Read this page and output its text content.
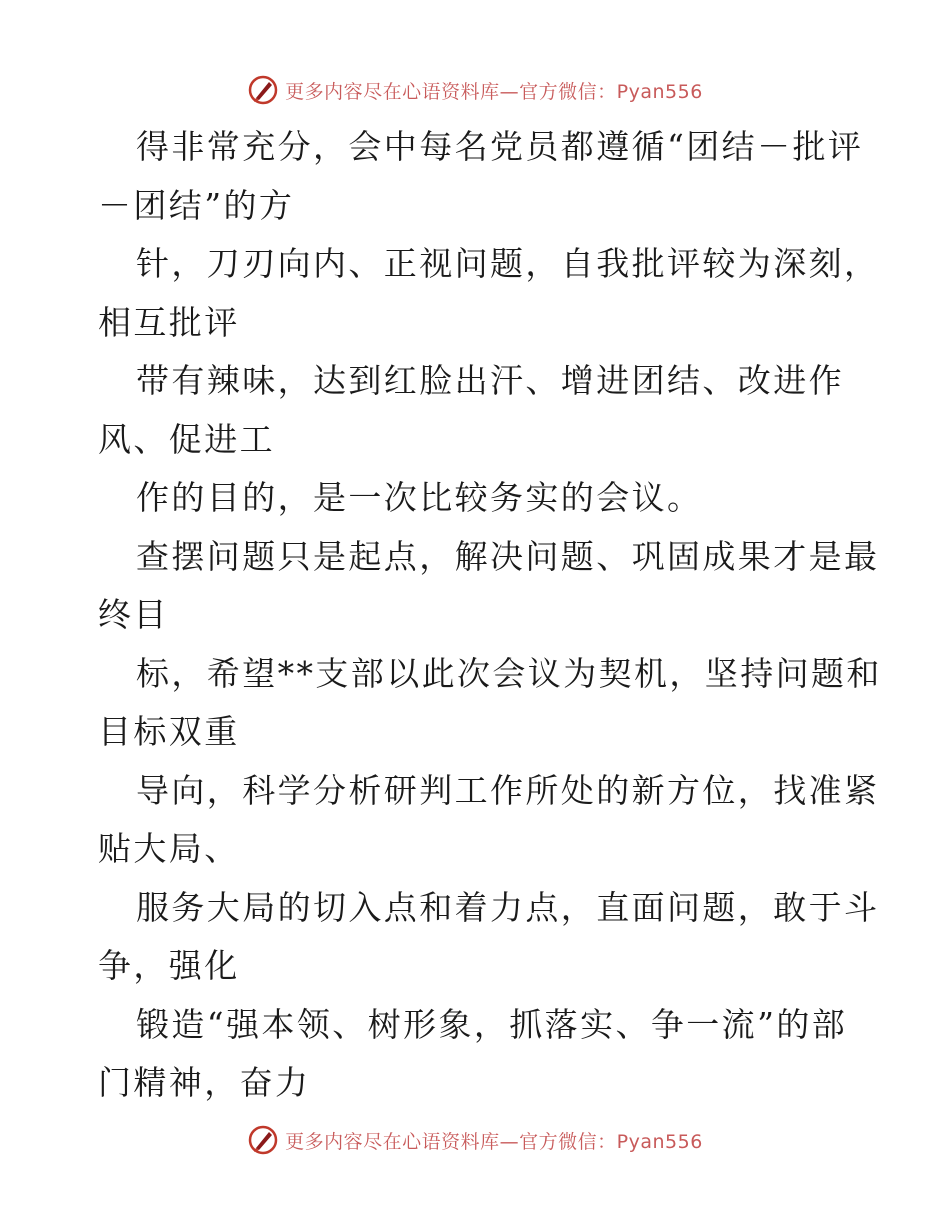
更多内容尽在心语资料库—官方微信：Pyan556
得非常充分，会中每名党员都遵循“团结－批评
－团结”的方
针，刀刃向内、正视问题，自我批评较为深刻，
相互批评
带有辣味，达到红脸出汗、增进团结、改进作
风、促进工
作的目的，是一次比较务实的会议。
查摆问题只是起点，解决问题、巩固成果才是最
终目
标，希望**支部以此次会议为契机，坚持问题和
目标双重
导向，科学分析研判工作所处的新方位，找准紧
贴大局、
服务大局的切入点和着力点，直面问题，敢于斗
争，强化
锻造“强本领、树形象，抓落实、争一流”的部
门精神，奋力
更多内容尽在心语资料库—官方微信：Pyan556
